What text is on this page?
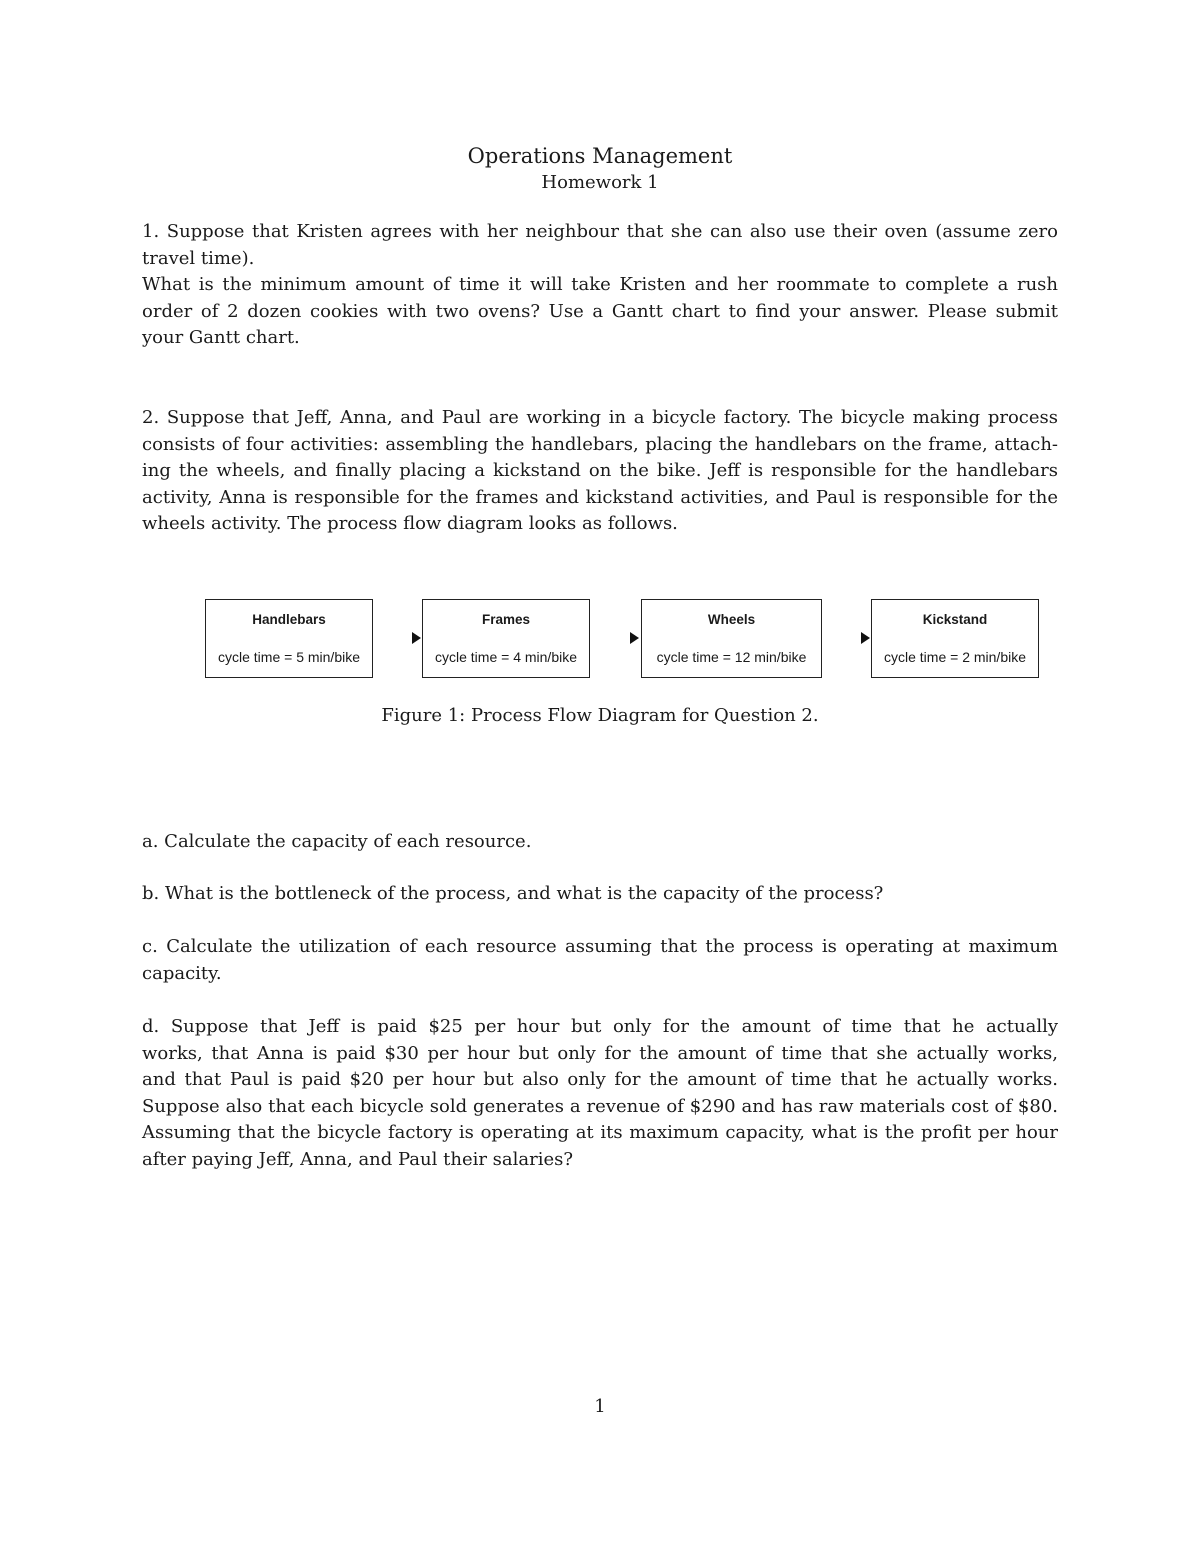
Operations Management
Homework 1

1. Suppose that Kristen agrees with her neighbour that she can also use their oven (assume zero
travel time).
What is the minimum amount of time it will take Kristen and her roommate to complete a rush
order of 2 dozen cookies with two ovens? Use a Gantt chart to find your answer. Please submit
your Gantt chart.

2. Suppose that Jeff, Anna, and Paul are working in a bicycle factory. The bicycle making process
consists of four activities: assembling the handlebars, placing the handlebars on the frame, attach-
ing the wheels, and finally placing a kickstand on the bike. Jeff is responsible for the handlebars
activity, Anna is responsible for the frames and kickstand activities, and Paul is responsible for the
wheels activity. The process flow diagram looks as follows.

Handlebars
cycle time = 5 min/bike
Frames
cycle time = 4 min/bike
Wheels
cycle time = 12 min/bike
Kickstand
cycle time = 2 min/bike
Figure 1: Process Flow Diagram for Question 2.

a. Calculate the capacity of each resource.

b. What is the bottleneck of the process, and what is the capacity of the process?

c. Calculate the utilization of each resource assuming that the process is operating at maximum
capacity.

d. Suppose that Jeff is paid $25 per hour but only for the amount of time that he actually
works, that Anna is paid $30 per hour but only for the amount of time that she actually works,
and that Paul is paid $20 per hour but also only for the amount of time that he actually works.
Suppose also that each bicycle sold generates a revenue of $290 and has raw materials cost of $80.
Assuming that the bicycle factory is operating at its maximum capacity, what is the profit per hour
after paying Jeff, Anna, and Paul their salaries?

1
